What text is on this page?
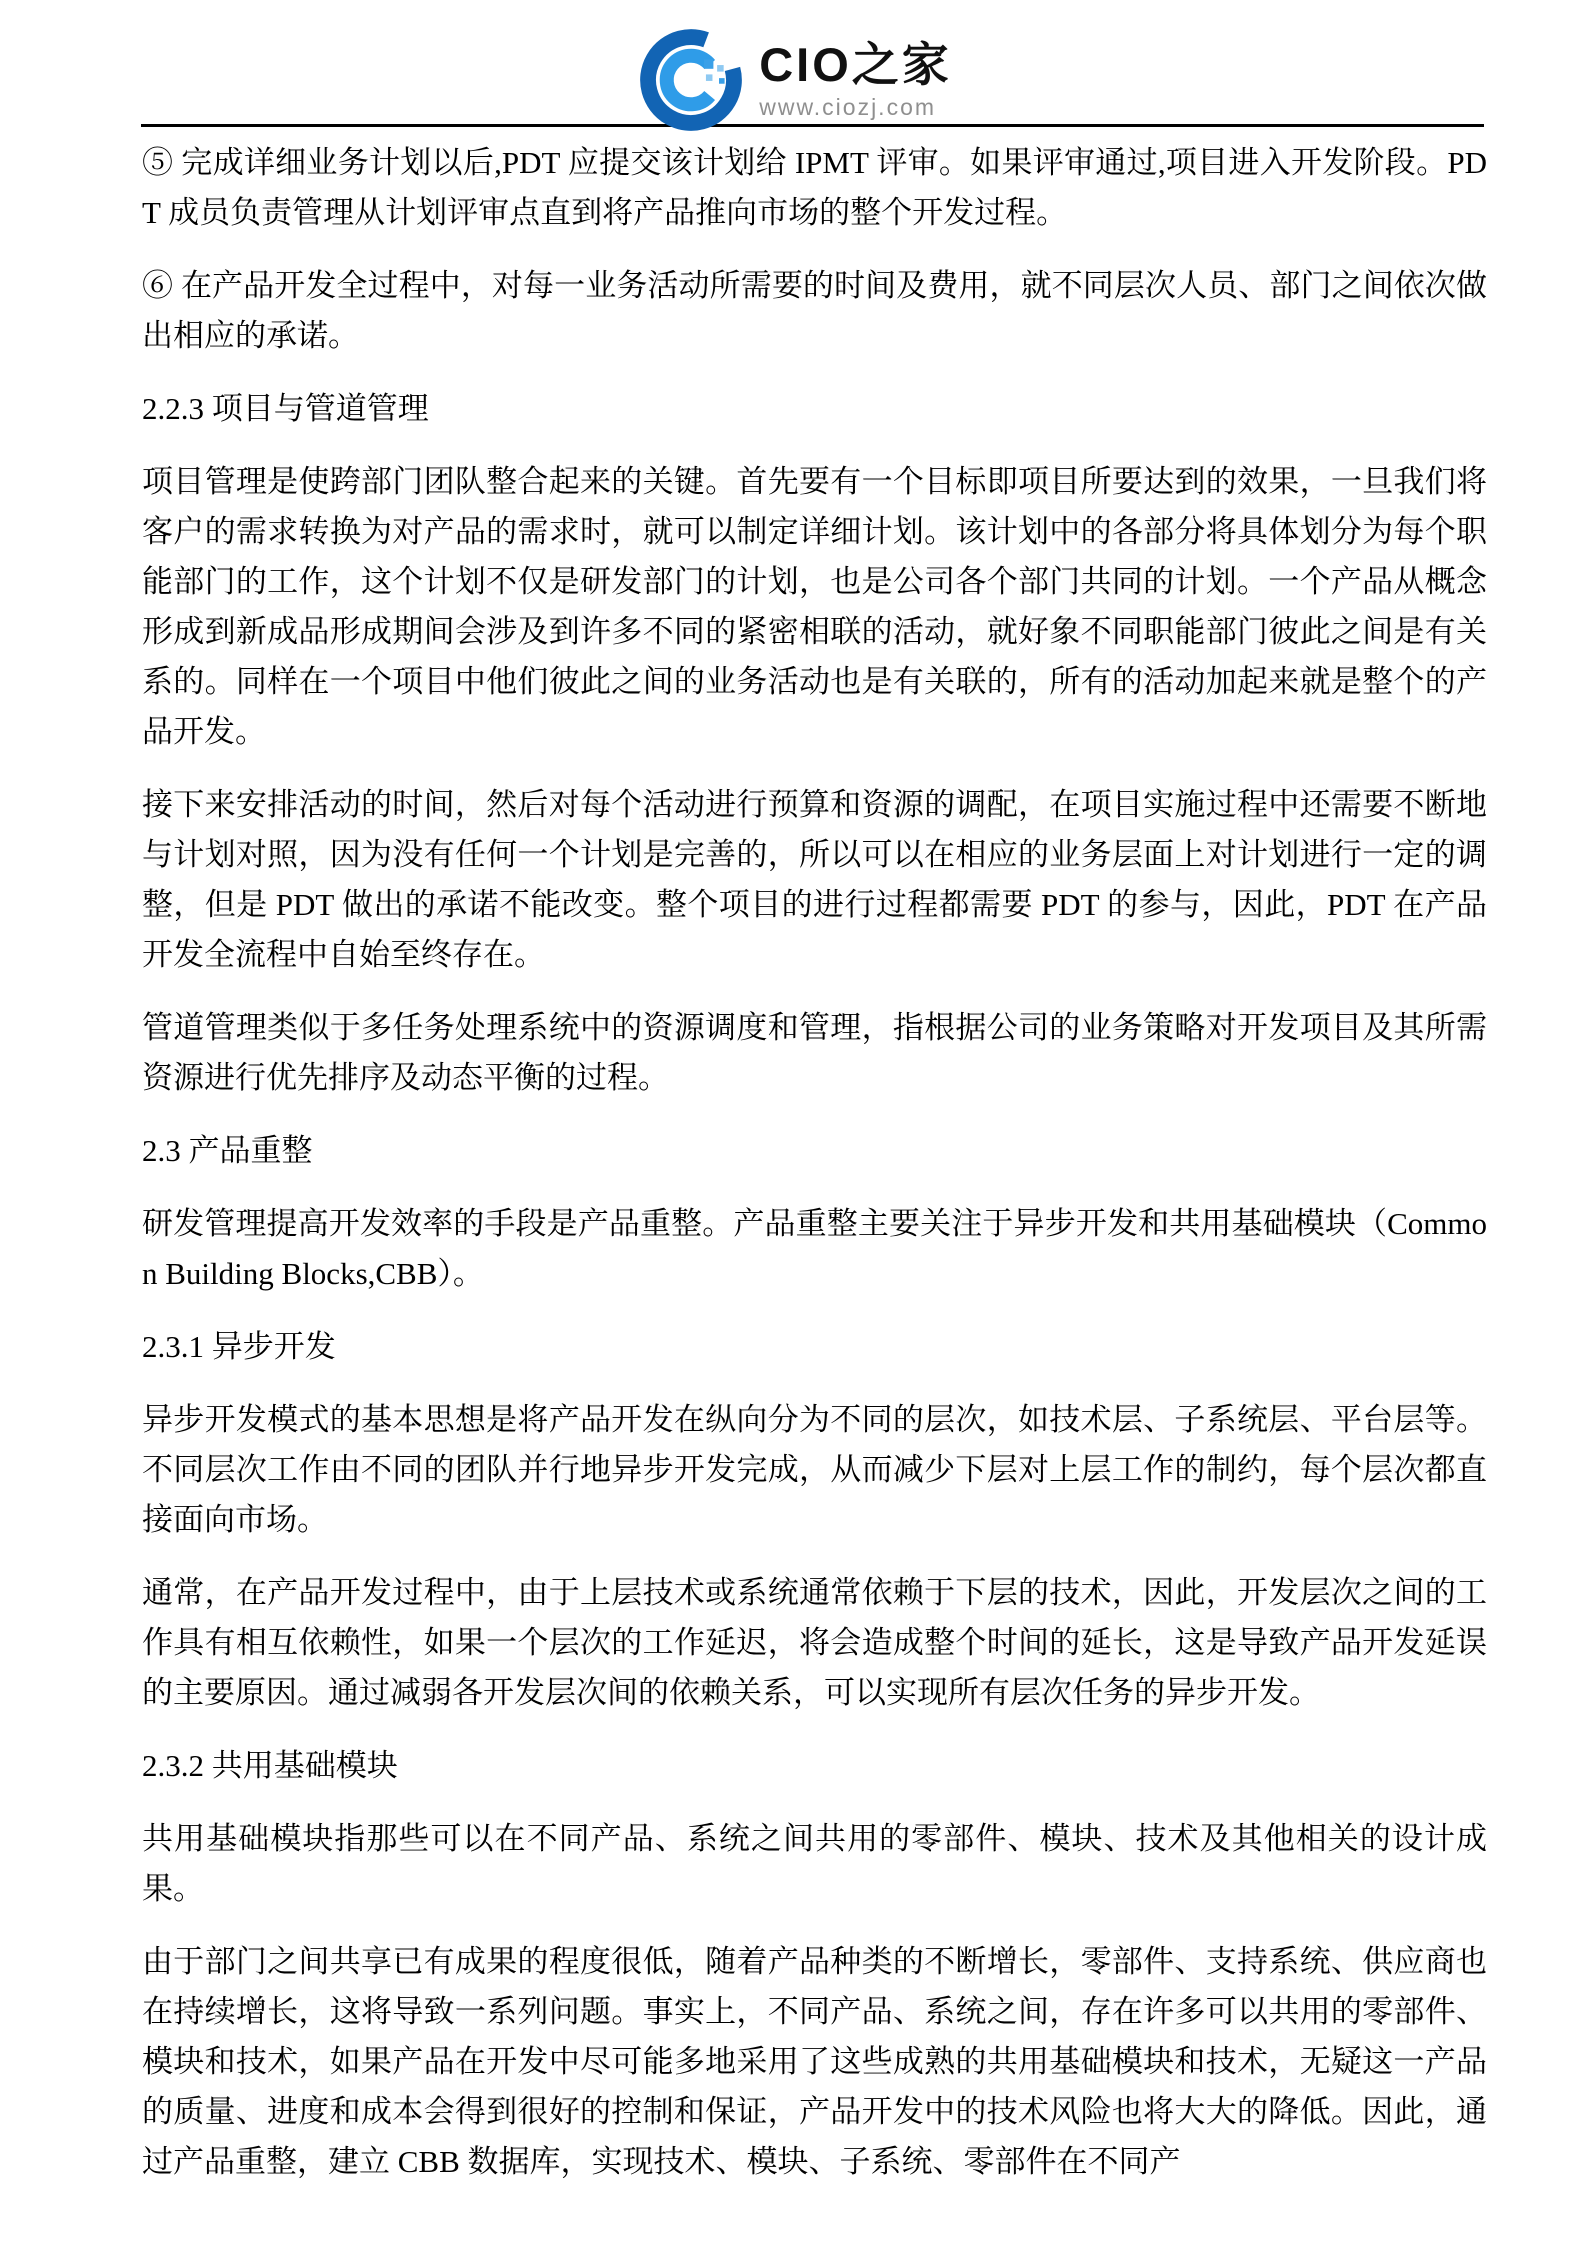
CIO之家
www.ciozj.com

⑤ 完成详细业务计划以后,PDT 应提交该计划给 IPMT 评审。如果评审通过,项目进入开发阶段。PDT 成员负责管理从计划评审点直到将产品推向市场的整个开发过程。

⑥ 在产品开发全过程中，对每一业务活动所需要的时间及费用，就不同层次人员、部门之间依次做出相应的承诺。

2.2.3 项目与管道管理

项目管理是使跨部门团队整合起来的关键。首先要有一个目标即项目所要达到的效果，一旦我们将客户的需求转换为对产品的需求时，就可以制定详细计划。该计划中的各部分将具体划分为每个职能部门的工作，这个计划不仅是研发部门的计划，也是公司各个部门共同的计划。一个产品从概念形成到新成品形成期间会涉及到许多不同的紧密相联的活动，就好象不同职能部门彼此之间是有关系的。同样在一个项目中他们彼此之间的业务活动也是有关联的，所有的活动加起来就是整个的产品开发。

接下来安排活动的时间，然后对每个活动进行预算和资源的调配，在项目实施过程中还需要不断地与计划对照，因为没有任何一个计划是完善的，所以可以在相应的业务层面上对计划进行一定的调整，但是 PDT 做出的承诺不能改变。整个项目的进行过程都需要 PDT 的参与，因此，PDT 在产品开发全流程中自始至终存在。

管道管理类似于多任务处理系统中的资源调度和管理，指根据公司的业务策略对开发项目及其所需资源进行优先排序及动态平衡的过程。

2.3 产品重整

研发管理提高开发效率的手段是产品重整。产品重整主要关注于异步开发和共用基础模块（Common Building Blocks,CBB）。

2.3.1 异步开发

异步开发模式的基本思想是将产品开发在纵向分为不同的层次，如技术层、子系统层、平台层等。不同层次工作由不同的团队并行地异步开发完成，从而减少下层对上层工作的制约，每个层次都直接面向市场。

通常，在产品开发过程中，由于上层技术或系统通常依赖于下层的技术，因此，开发层次之间的工作具有相互依赖性，如果一个层次的工作延迟，将会造成整个时间的延长，这是导致产品开发延误的主要原因。通过减弱各开发层次间的依赖关系，可以实现所有层次任务的异步开发。

2.3.2 共用基础模块

共用基础模块指那些可以在不同产品、系统之间共用的零部件、模块、技术及其他相关的设计成果。

由于部门之间共享已有成果的程度很低，随着产品种类的不断增长，零部件、支持系统、供应商也在持续增长，这将导致一系列问题。事实上，不同产品、系统之间，存在许多可以共用的零部件、模块和技术，如果产品在开发中尽可能多地采用了这些成熟的共用基础模块和技术，无疑这一产品的质量、进度和成本会得到很好的控制和保证，产品开发中的技术风险也将大大的降低。因此，通过产品重整，建立 CBB 数据库，实现技术、模块、子系统、零部件在不同产
